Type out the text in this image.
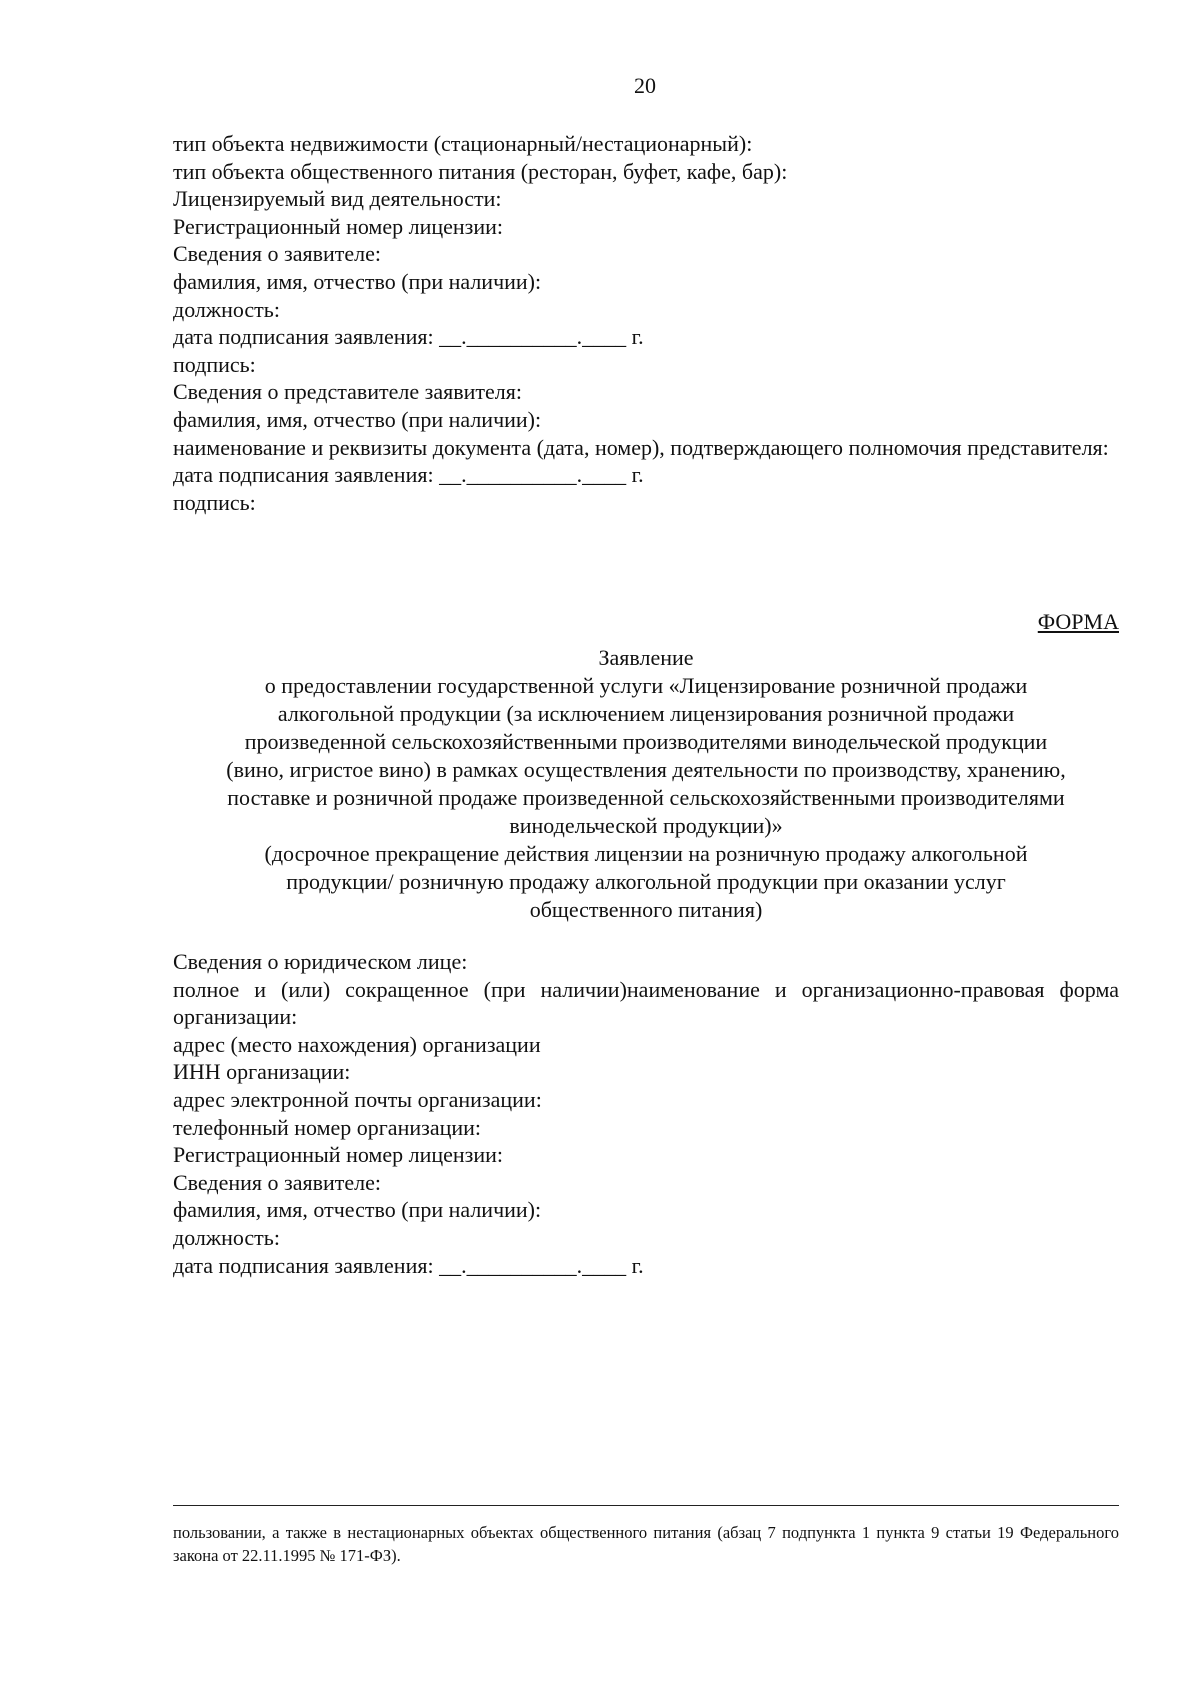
20
тип объекта недвижимости (стационарный/нестационарный):
тип объекта общественного питания (ресторан, буфет, кафе, бар):
Лицензируемый вид деятельности:
Регистрационный номер лицензии:
Сведения о заявителе:
фамилия, имя, отчество (при наличии):
должность:
дата подписания заявления: __.__________.____ г.
подпись:
Сведения о представителе заявителя:
фамилия, имя, отчество (при наличии):
наименование и реквизиты документа (дата, номер), подтверждающего полномочия представителя:
дата подписания заявления: __.__________.____ г.
подпись:
ФОРМА
Заявление
о предоставлении государственной услуги «Лицензирование розничной продажи
алкогольной продукции (за исключением лицензирования розничной продажи
произведенной сельскохозяйственными производителями винодельческой продукции
(вино, игристое вино) в рамках осуществления деятельности по производству, хранению,
поставке и розничной продаже произведенной сельскохозяйственными производителями
винодельческой продукции)»
(досрочное прекращение действия лицензии на розничную продажу алкогольной
продукции/ розничную продажу алкогольной продукции при оказании услуг
общественного питания)
Сведения о юридическом лице:
полное и (или) сокращенное (при наличии)наименование и организационно-правовая форма организации:
адрес (место нахождения) организации
ИНН организации:
адрес электронной почты организации:
телефонный номер организации:
Регистрационный номер лицензии:
Сведения о заявителе:
фамилия, имя, отчество (при наличии):
должность:
дата подписания заявления: __.__________.____ г.
пользовании, а также в нестационарных объектах общественного питания (абзац 7 подпункта 1 пункта 9 статьи 19 Федерального закона от 22.11.1995 № 171-ФЗ).
